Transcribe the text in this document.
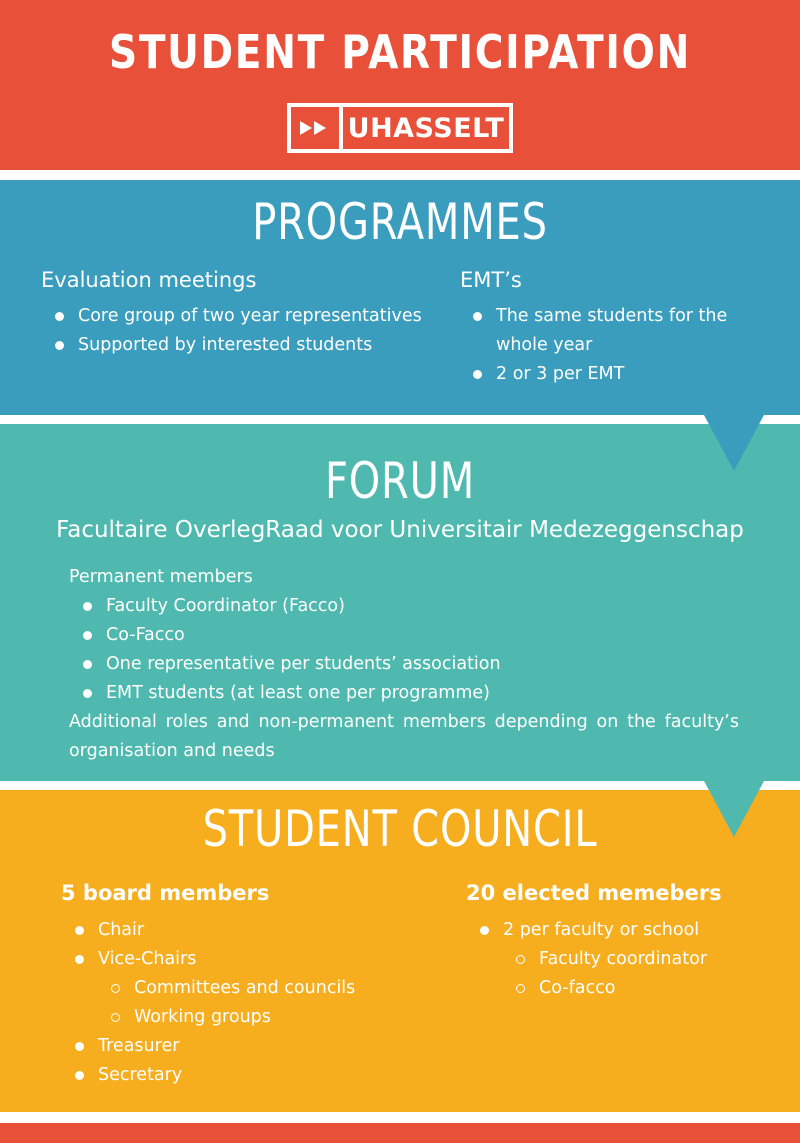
STUDENT PARTICIPATION
UHASSELT
PROGRAMMES
Evaluation meetings
Core group of two year representatives
Supported by interested students
EMT’s
The same students for the whole year
2 or 3 per EMT
FORUM
Facultaire OverlegRaad voor Universitair Medezeggenschap
Permanent members
Faculty Coordinator (Facco)
Co-Facco
One representative per students’ association
EMT students (at least one per programme)
Additional roles and non-permanent members depending on the faculty’s organisation and needs
STUDENT COUNCIL
5 board members
Chair
Vice-Chairs
Committees and councils
Working groups
Treasurer
Secretary
20 elected memebers
2 per faculty or school
Faculty coordinator
Co-facco
